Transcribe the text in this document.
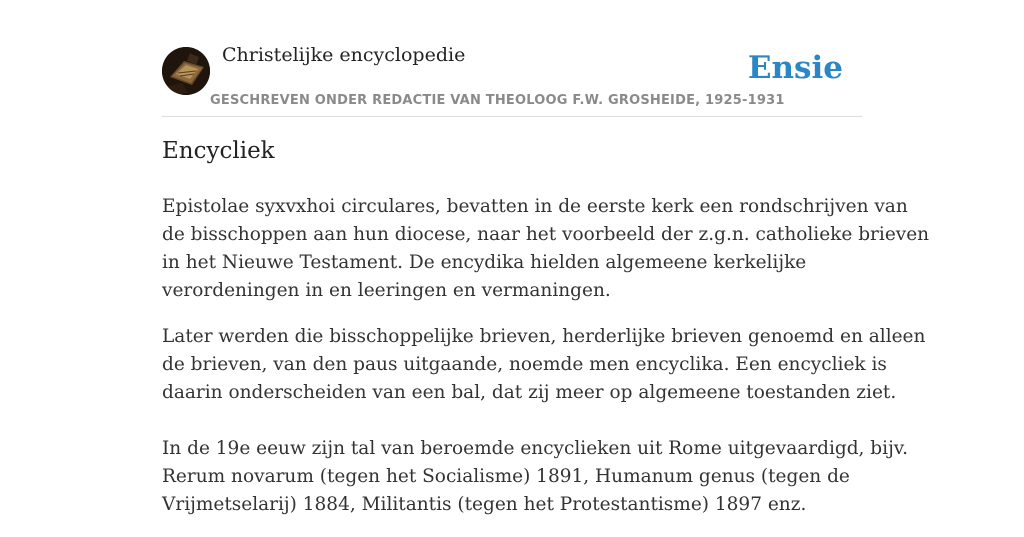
Christelijke encyclopedie
GESCHREVEN ONDER REDACTIE VAN THEOLOOG F.W. GROSHEIDE, 1925-1931
Ensie
Encycliek

Epistolae syxvxhoi circulares, bevatten in de eerste kerk een rondschrijven van
de bisschoppen aan hun diocese, naar het voorbeeld der z.g.n. catholieke brieven
in het Nieuwe Testament. De encydika hielden algemeene kerkelijke
verordeningen in en leeringen en vermaningen.

Later werden die bisschoppelijke brieven, herderlijke brieven genoemd en alleen
de brieven, van den paus uitgaande, noemde men encyclika. Een encycliek is
daarin onderscheiden van een bal, dat zij meer op algemeene toestanden ziet.

In de 19e eeuw zijn tal van beroemde encyclieken uit Rome uitgevaardigd, bijv.
Rerum novarum (tegen het Socialisme) 1891, Humanum genus (tegen de
Vrijmetselarij) 1884, Militantis (tegen het Protestantisme) 1897 enz.
